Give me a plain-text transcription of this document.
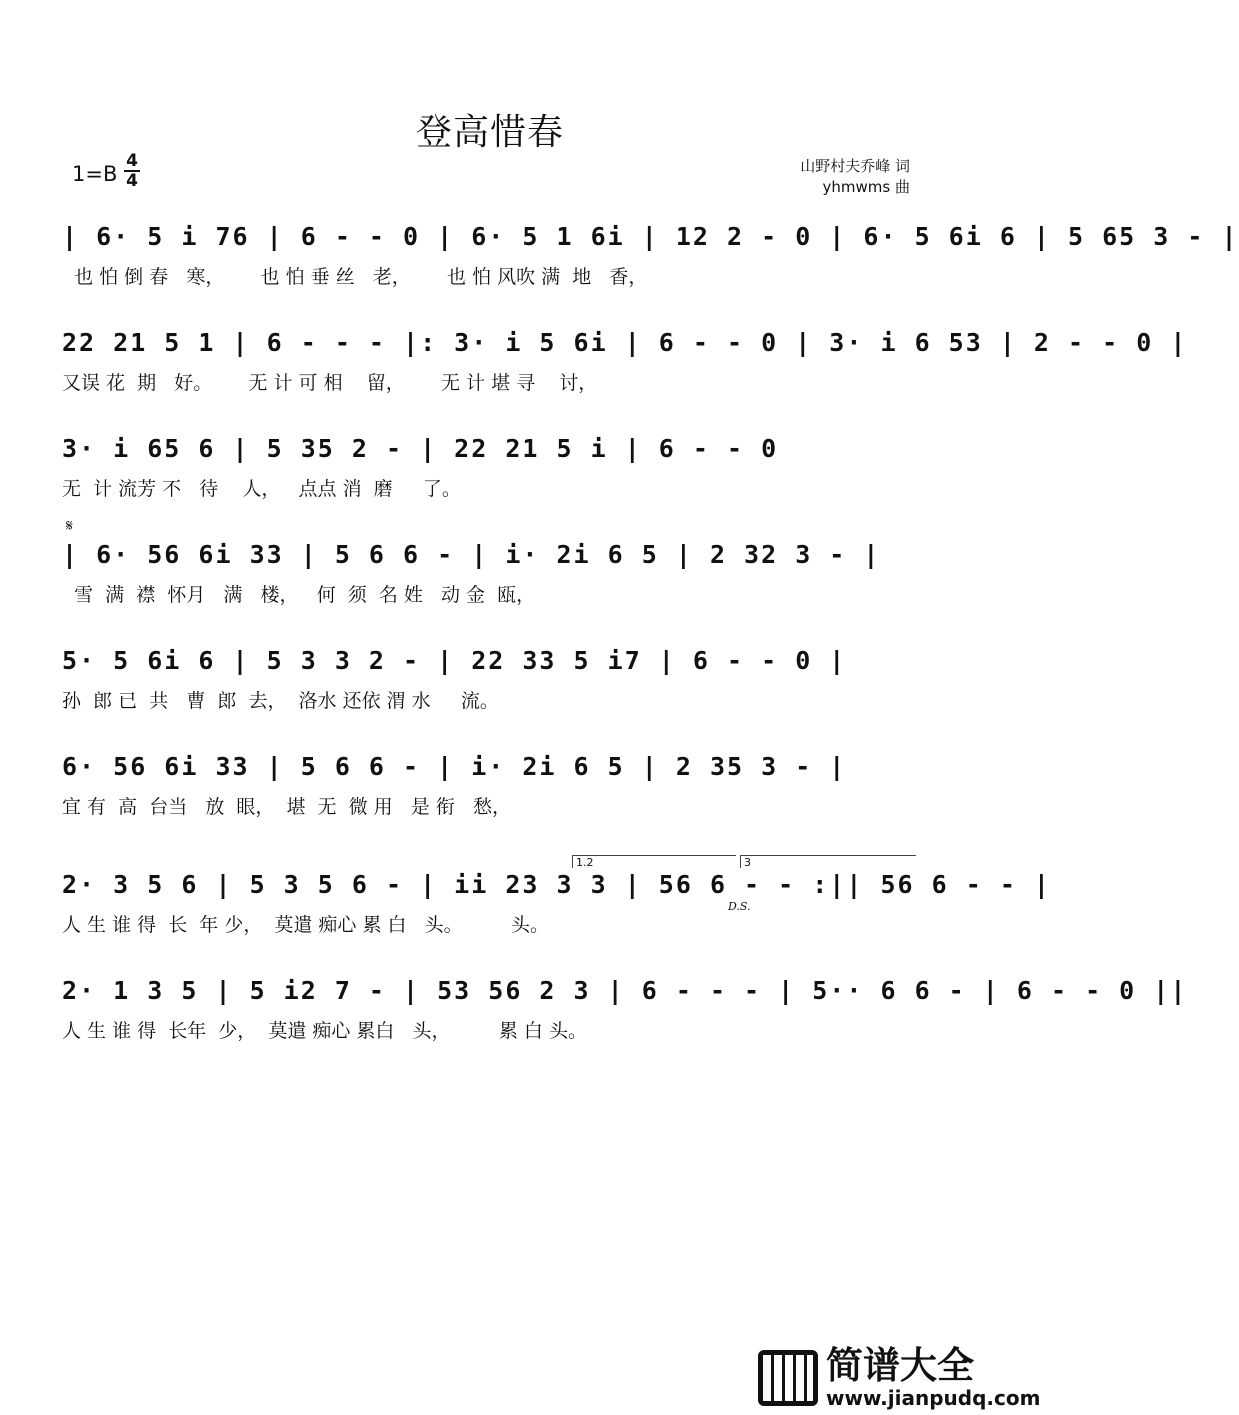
登高惜春
$1=B \frac{4}{4}$	山野村夫乔峰 词
yhmwms 曲
𝄋
1.2	3
D.S.
| 6· 5 i 76 | 6 - - 0 | 6· 5 1 6i | 12 2 - 0 | 6· 5 6i 6 | 5 65 3 - |
也 怕 倒 春   寒，      也 怕 垂 丝   老，      也 怕 风吹 满  地   香，
22 21 5 1 | 6 - - - |: 3· i 5 6i | 6 - - 0 | 3· i 6 53 | 2 - - 0 |
又误 花  期   好。      无 计 可 相    留，      无 计 堪 寻    讨，
3· i 65 6 | 5 35 2 - | 22 21 5 i | 6 - - 0
无  计 流芳 不   待    人，   点点 消  磨     了。
| 6· 56 6i 33 | 5 6 6 - | i· 2i 6 5 | 2 32 3 - |
雪  满  襟  怀月   满   楼，   何  须  名 姓   动 金  瓯，
5· 5 6i 6 | 5 3 3 2 - | 22 33 5 i7 | 6 - - 0 |
孙  郎 已  共   曹  郎  去，  洛水 还依 渭 水     流。
6· 56 6i 33 | 5 6 6 - | i· 2i 6 5 | 2 35 3 - |
宜 有  高  台当   放  眼，  堪  无  微 用   是 衔   愁，
2· 3 5 6 | 5 3 5 6 - | ii 23 3 3 | 56 6 - - :|| 56 6 - - |
人 生 谁 得  长  年 少，  莫遣 痴心 累 白   头。        头。
2· 1 3 5 | 5 i2 7 - | 53 56 2 3 | 6 - - - | 5·· 6 6 - | 6 - - 0 ||
人 生 谁 得  长年  少，  莫遣 痴心 累白   头，        累 白 头。
简谱大全
www.jianpudq.com
